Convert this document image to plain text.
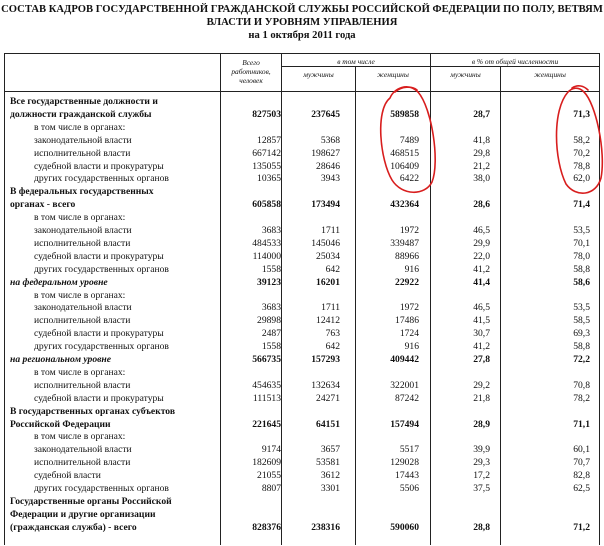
СОСТАВ КАДРОВ ГОСУДАРСТВЕННОЙ ГРАЖДАНСКОЙ СЛУЖБЫ РОССИЙСКОЙ ФЕДЕРАЦИИ ПО ПОЛУ, ВЕТВЯМ
ВЛАСТИ И УРОВНЯМ УПРАВЛЕНИЯ
на 1 октября 2011 года
Всего
работников,
человек
в том числе	в % от общей численности
мужчины	женщины	мужчины	женщины
Все государственные должности и
должности гражданской службы	827503	237645	589858	28,7	71,3
в том числе в органах:
законодательной власти	12857	5368	7489	41,8	58,2
исполнительной власти	667142	198627	468515	29,8	70,2
судебной власти и прокуратуры	135055	28646	106409	21,2	78,8
других государственных органов	10365	3943	6422	38,0	62,0
В федеральных государственных
органах - всего	605858	173494	432364	28,6	71,4
в том числе в органах:
законодательной власти	3683	1711	1972	46,5	53,5
исполнительной власти	484533	145046	339487	29,9	70,1
судебной власти и прокуратуры	114000	25034	88966	22,0	78,0
других государственных органов	1558	642	916	41,2	58,8
на федеральном уровне	39123	16201	22922	41,4	58,6
в том числе в органах:
законодательной власти	3683	1711	1972	46,5	53,5
исполнительной власти	29898	12412	17486	41,5	58,5
судебной власти и прокуратуры	2487	763	1724	30,7	69,3
других государственных органов	1558	642	916	41,2	58,8
на региональном уровне	566735	157293	409442	27,8	72,2
в том числе в органах:
исполнительной власти	454635	132634	322001	29,2	70,8
судебной власти и прокуратуры	111513	24271	87242	21,8	78,2
В государственных органах субъектов
Российской Федерации	221645	64151	157494	28,9	71,1
в том числе в органах:
законодательной власти	9174	3657	5517	39,9	60,1
исполнительной власти	182609	53581	129028	29,3	70,7
судебной власти	21055	3612	17443	17,2	82,8
других государственных органов	8807	3301	5506	37,5	62,5
Государственные органы Российской
Федерации и другие организации
(гражданская служба) - всего	828376	238316	590060	28,8	71,2
